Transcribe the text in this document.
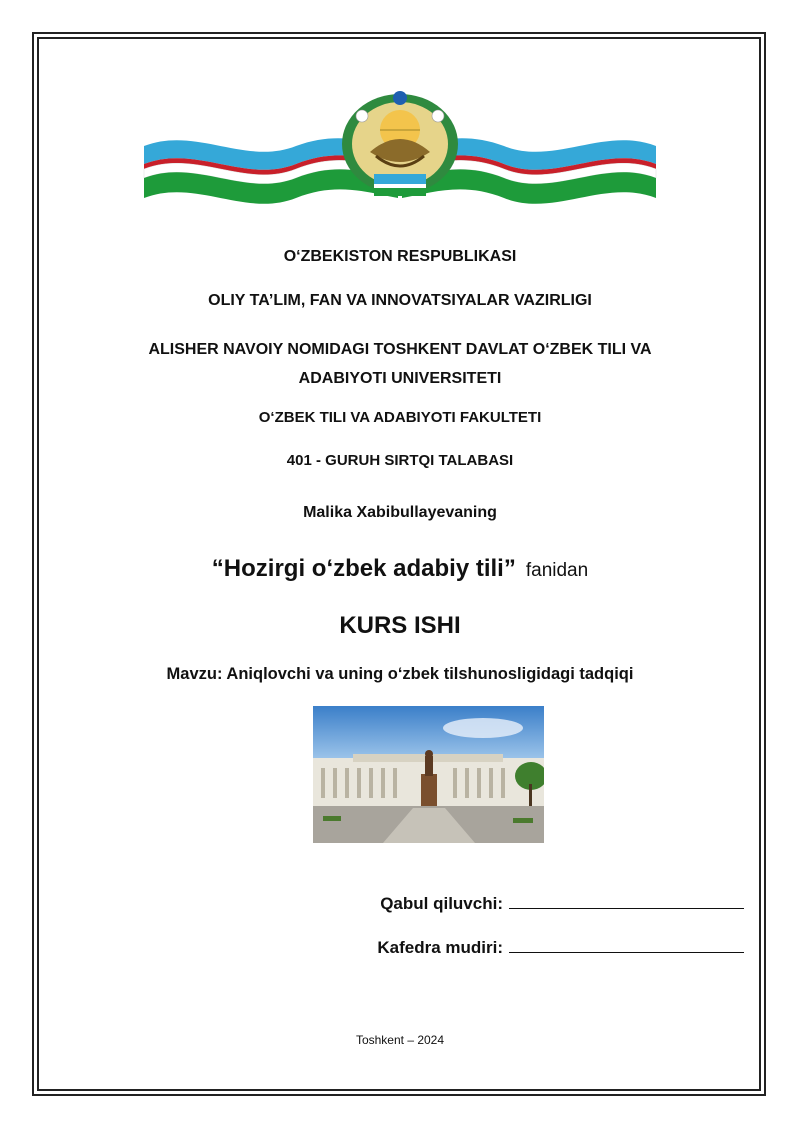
O‘ZBEKISTON RESPUBLIKASI
OLIY TA’LIM, FAN VA INNOVATSIYALAR VAZIRLIGI
ALISHER NAVOIY NOMIDAGI TOSHKENT DAVLAT O‘ZBEK TILI VA
ADABIYOTI UNIVERSITETI
O‘ZBEK TILI VA ADABIYOTI FAKULTETI
401 - GURUH SIRTQI TALABASI
Malika Xabibullayevaning
“Hozirgi o‘zbek adabiy tili” fanidan
KURS ISHI
Mavzu: Aniqlovchi va uning o‘zbek tilshunosligidagi tadqiqi
Qabul qiluvchi:
Kafedra mudiri:
Toshkent – 2024
